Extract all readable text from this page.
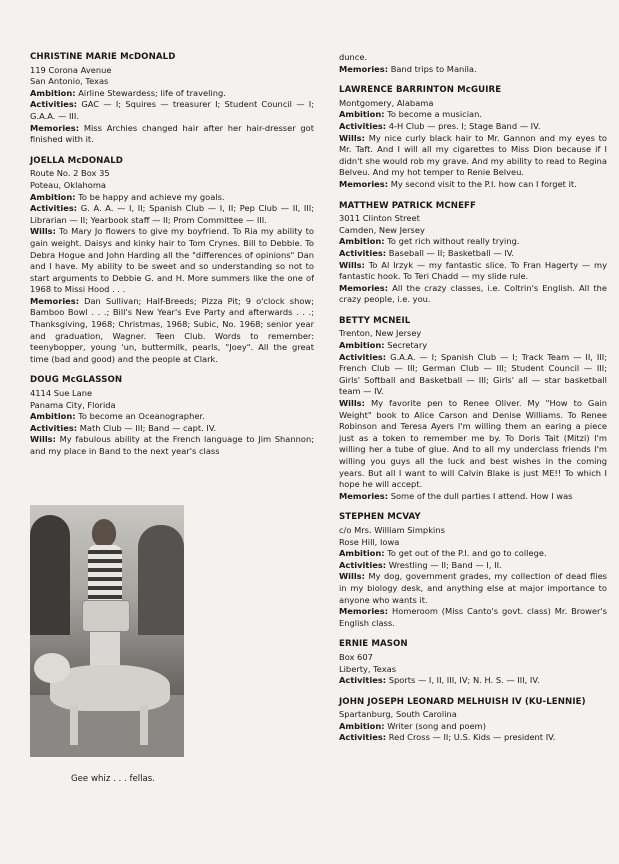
CHRISTINE MARIE McDONALD
119 Corona Avenue
San Antonio, Texas
Ambition: Airline Stewardess; life of traveling.
Activities: GAC — I; Squires — treasurer I; Student Council — I; G.A.A. — III.
Memories: Miss Archies changed hair after her hair-dresser got finished with it.
JOELLA McDONALD
Route No. 2 Box 35
Poteau, Oklahoma
Ambition: To be happy and achieve my goals.
Activities: G. A. A. — I, II; Spanish Club — I, II; Pep Club — II, III; Librarian — II; Yearbook staff — II; Prom Committee — III.
Wills: To Mary Jo flowers to give my boyfriend. To Ria my ability to gain weight. Daisys and kinky hair to Tom Crynes. Bill to Debbie. To Debra Hogue and John Harding all the "differences of opinions" Dan and I have. My ability to be sweet and so understanding so not to start arguments to Debbie G. and H. More summers like the one of 1968 to Missi Hood . . .
Memories: Dan Sullivan; Half-Breeds; Pizza Pit; 9 o'clock show; Bamboo Bowl . . .; Bill's New Year's Eve Party and afterwards . . .; Thanksgiving, 1968; Christmas, 1968; Subic, No. 1968; senior year and graduation, Wagner. Teen Club. Words to remember: teenybopper, young 'un, buttermilk, pearls, "Joey". All the great time (bad and good) and the people at Clark.
DOUG McGLASSON
4114 Sue Lane
Panama City, Florida
Ambition: To become an Oceanographer.
Activities: Math Club — III; Band — capt. IV.
Wills: My fabulous ability at the French language to Jim Shannon; and my place in Band to the next year's class
Gee whiz . . . fellas.
dunce.
Memories: Band trips to Manila.
LAWRENCE BARRINTON McGUIRE
Montgomery, Alabama
Ambition: To become a musician.
Activities: 4-H Club — pres. I; Stage Band — IV.
Wills: My nice curly black hair to Mr. Gannon and my eyes to Mr. Taft. And I will all my cigarettes to Miss Dion because if I didn't she would rob my grave. And my ability to read to Regina Belveu. And my hot temper to Renie Belveu.
Memories: My second visit to the P.I. how can I forget it.
MATTHEW PATRICK MCNEFF
3011 Clinton Street
Camden, New Jersey
Ambition: To get rich without really trying.
Activities: Baseball — II; Basketball — IV.
Wills: To Al Irzyk — my fantastic slice. To Fran Hagerty — my fantastic hook. To Teri Chadd — my slide rule.
Memories: All the crazy classes, i.e. Coltrin's English. All the crazy people, i.e. you.
BETTY MCNEIL
Trenton, New Jersey
Ambition: Secretary
Activities: G.A.A. — I; Spanish Club — I; Track Team — II, III; French Club — III; German Club — III; Student Council — III; Girls' Softball and Basketball — III; Girls' all — star basketball team — IV.
Wills: My favorite pen to Renee Oliver. My "How to Gain Weight" book to Alice Carson and Denise Williams. To Renee Robinson and Teresa Ayers I'm willing them an earing a piece just as a token to remember me by. To Doris Tait (Mitzi) I'm willing her a tube of glue. And to all my underclass friends I'm willing you guys all the luck and best wishes in the coming years. But all I want to will Calvin Blake is just ME!! To which I hope he will accept.
Memories: Some of the dull parties I attend. How I was
STEPHEN MCVAY
c/o Mrs. William Simpkins
Rose Hill, Iowa
Ambition: To get out of the P.I. and go to college.
Activities: Wrestling — II; Band — I, II.
Wills: My dog, government grades, my collection of dead flies in my biology desk, and anything else at major importance to anyone who wants it.
Memories: Homeroom (Miss Canto's govt. class) Mr. Brower's English class.
ERNIE MASON
Box 607
Liberty, Texas
Activities: Sports — I, II, III, IV; N. H. S. — III, IV.
JOHN JOSEPH LEONARD MELHUISH IV (KU-LENNIE)
Spartanburg, South Carolina
Ambition: Writer (song and poem)
Activities: Red Cross — II; U.S. Kids — president IV.
